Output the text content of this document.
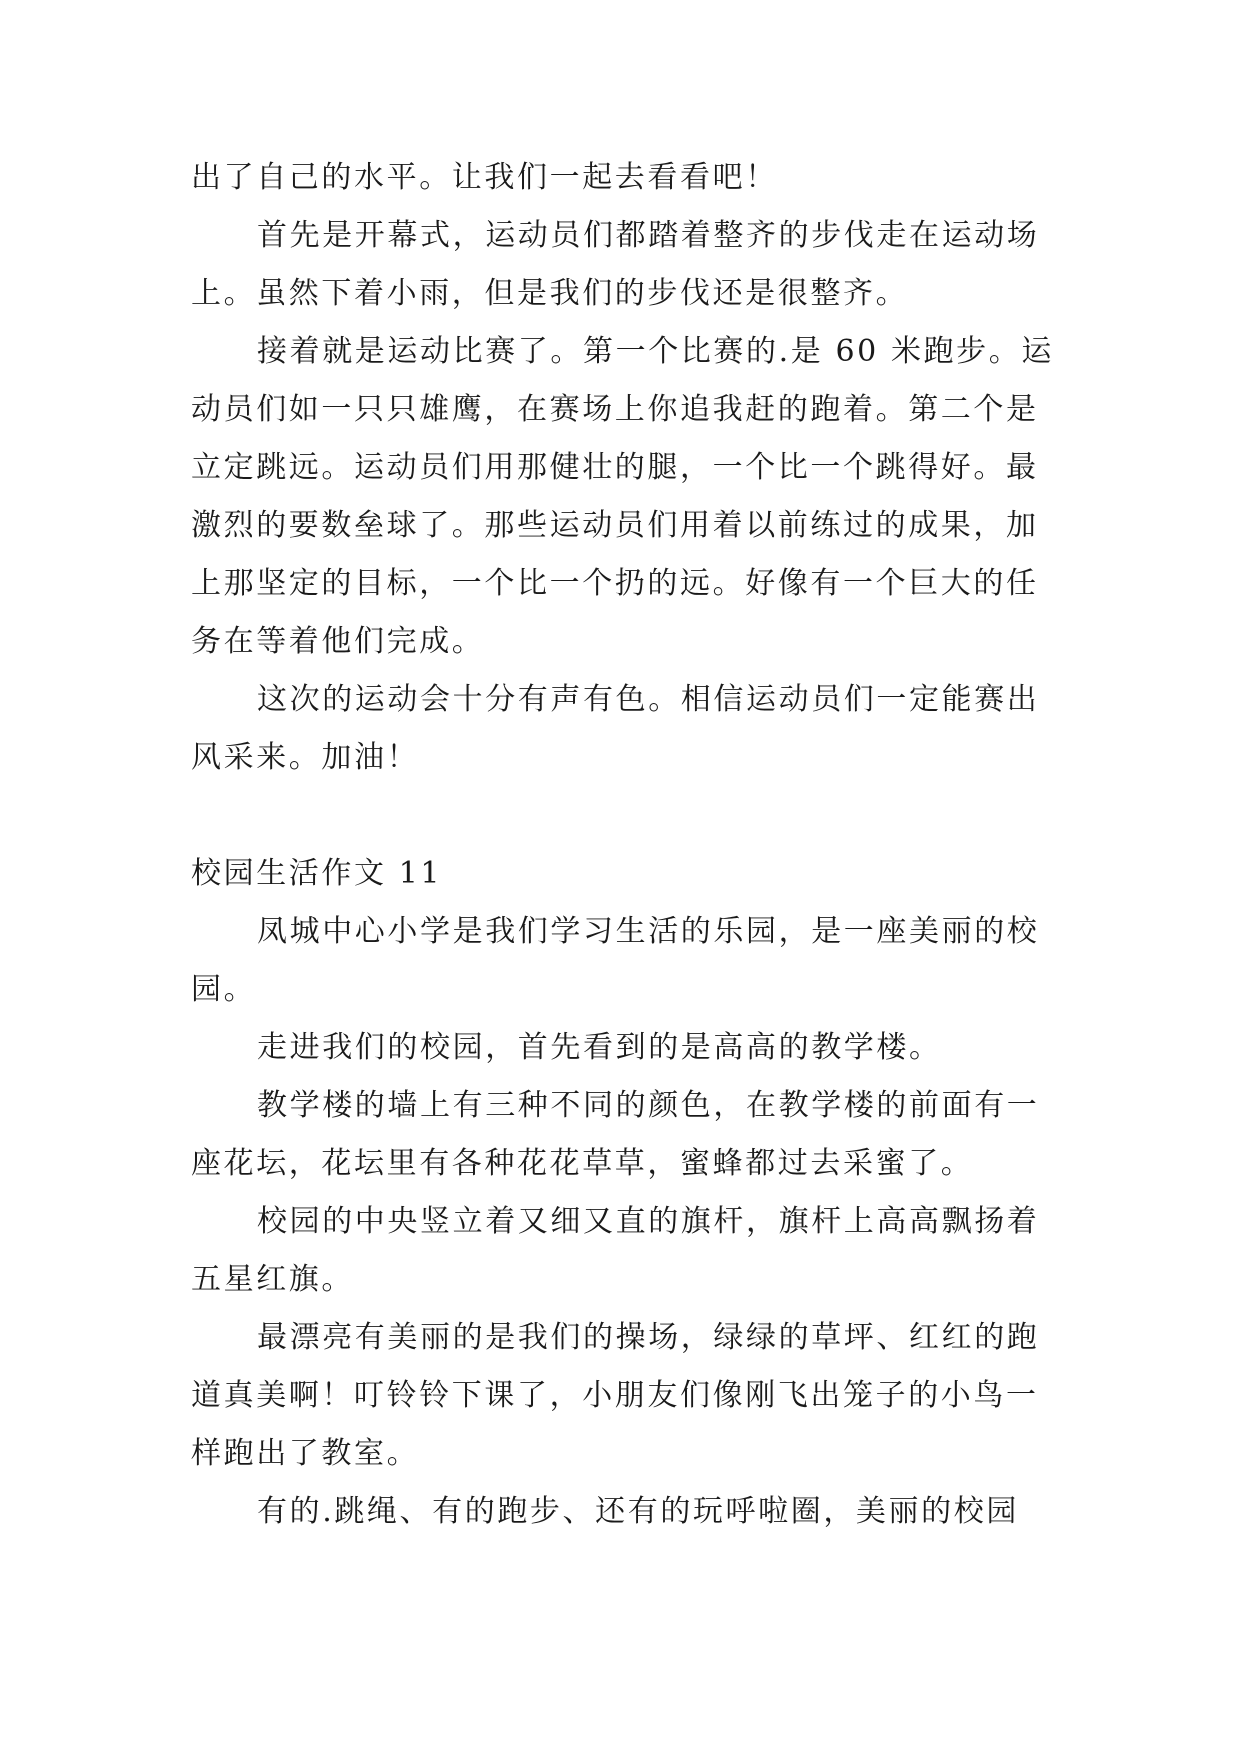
出了自己的水平。让我们一起去看看吧！
首先是开幕式，运动员们都踏着整齐的步伐走在运动场
上。虽然下着小雨，但是我们的步伐还是很整齐。
接着就是运动比赛了。第一个比赛的.是 60 米跑步。运
动员们如一只只雄鹰，在赛场上你追我赶的跑着。第二个是
立定跳远。运动员们用那健壮的腿，一个比一个跳得好。最
激烈的要数垒球了。那些运动员们用着以前练过的成果，加
上那坚定的目标，一个比一个扔的远。好像有一个巨大的任
务在等着他们完成。
这次的运动会十分有声有色。相信运动员们一定能赛出
风采来。加油！
校园生活作文 11
凤城中心小学是我们学习生活的乐园，是一座美丽的校
园。
走进我们的校园，首先看到的是高高的教学楼。
教学楼的墙上有三种不同的颜色，在教学楼的前面有一
座花坛，花坛里有各种花花草草，蜜蜂都过去采蜜了。
校园的中央竖立着又细又直的旗杆，旗杆上高高飘扬着
五星红旗。
最漂亮有美丽的是我们的操场，绿绿的草坪、红红的跑
道真美啊！叮铃铃下课了，小朋友们像刚飞出笼子的小鸟一
样跑出了教室。
有的.跳绳、有的跑步、还有的玩呼啦圈，美丽的校园
